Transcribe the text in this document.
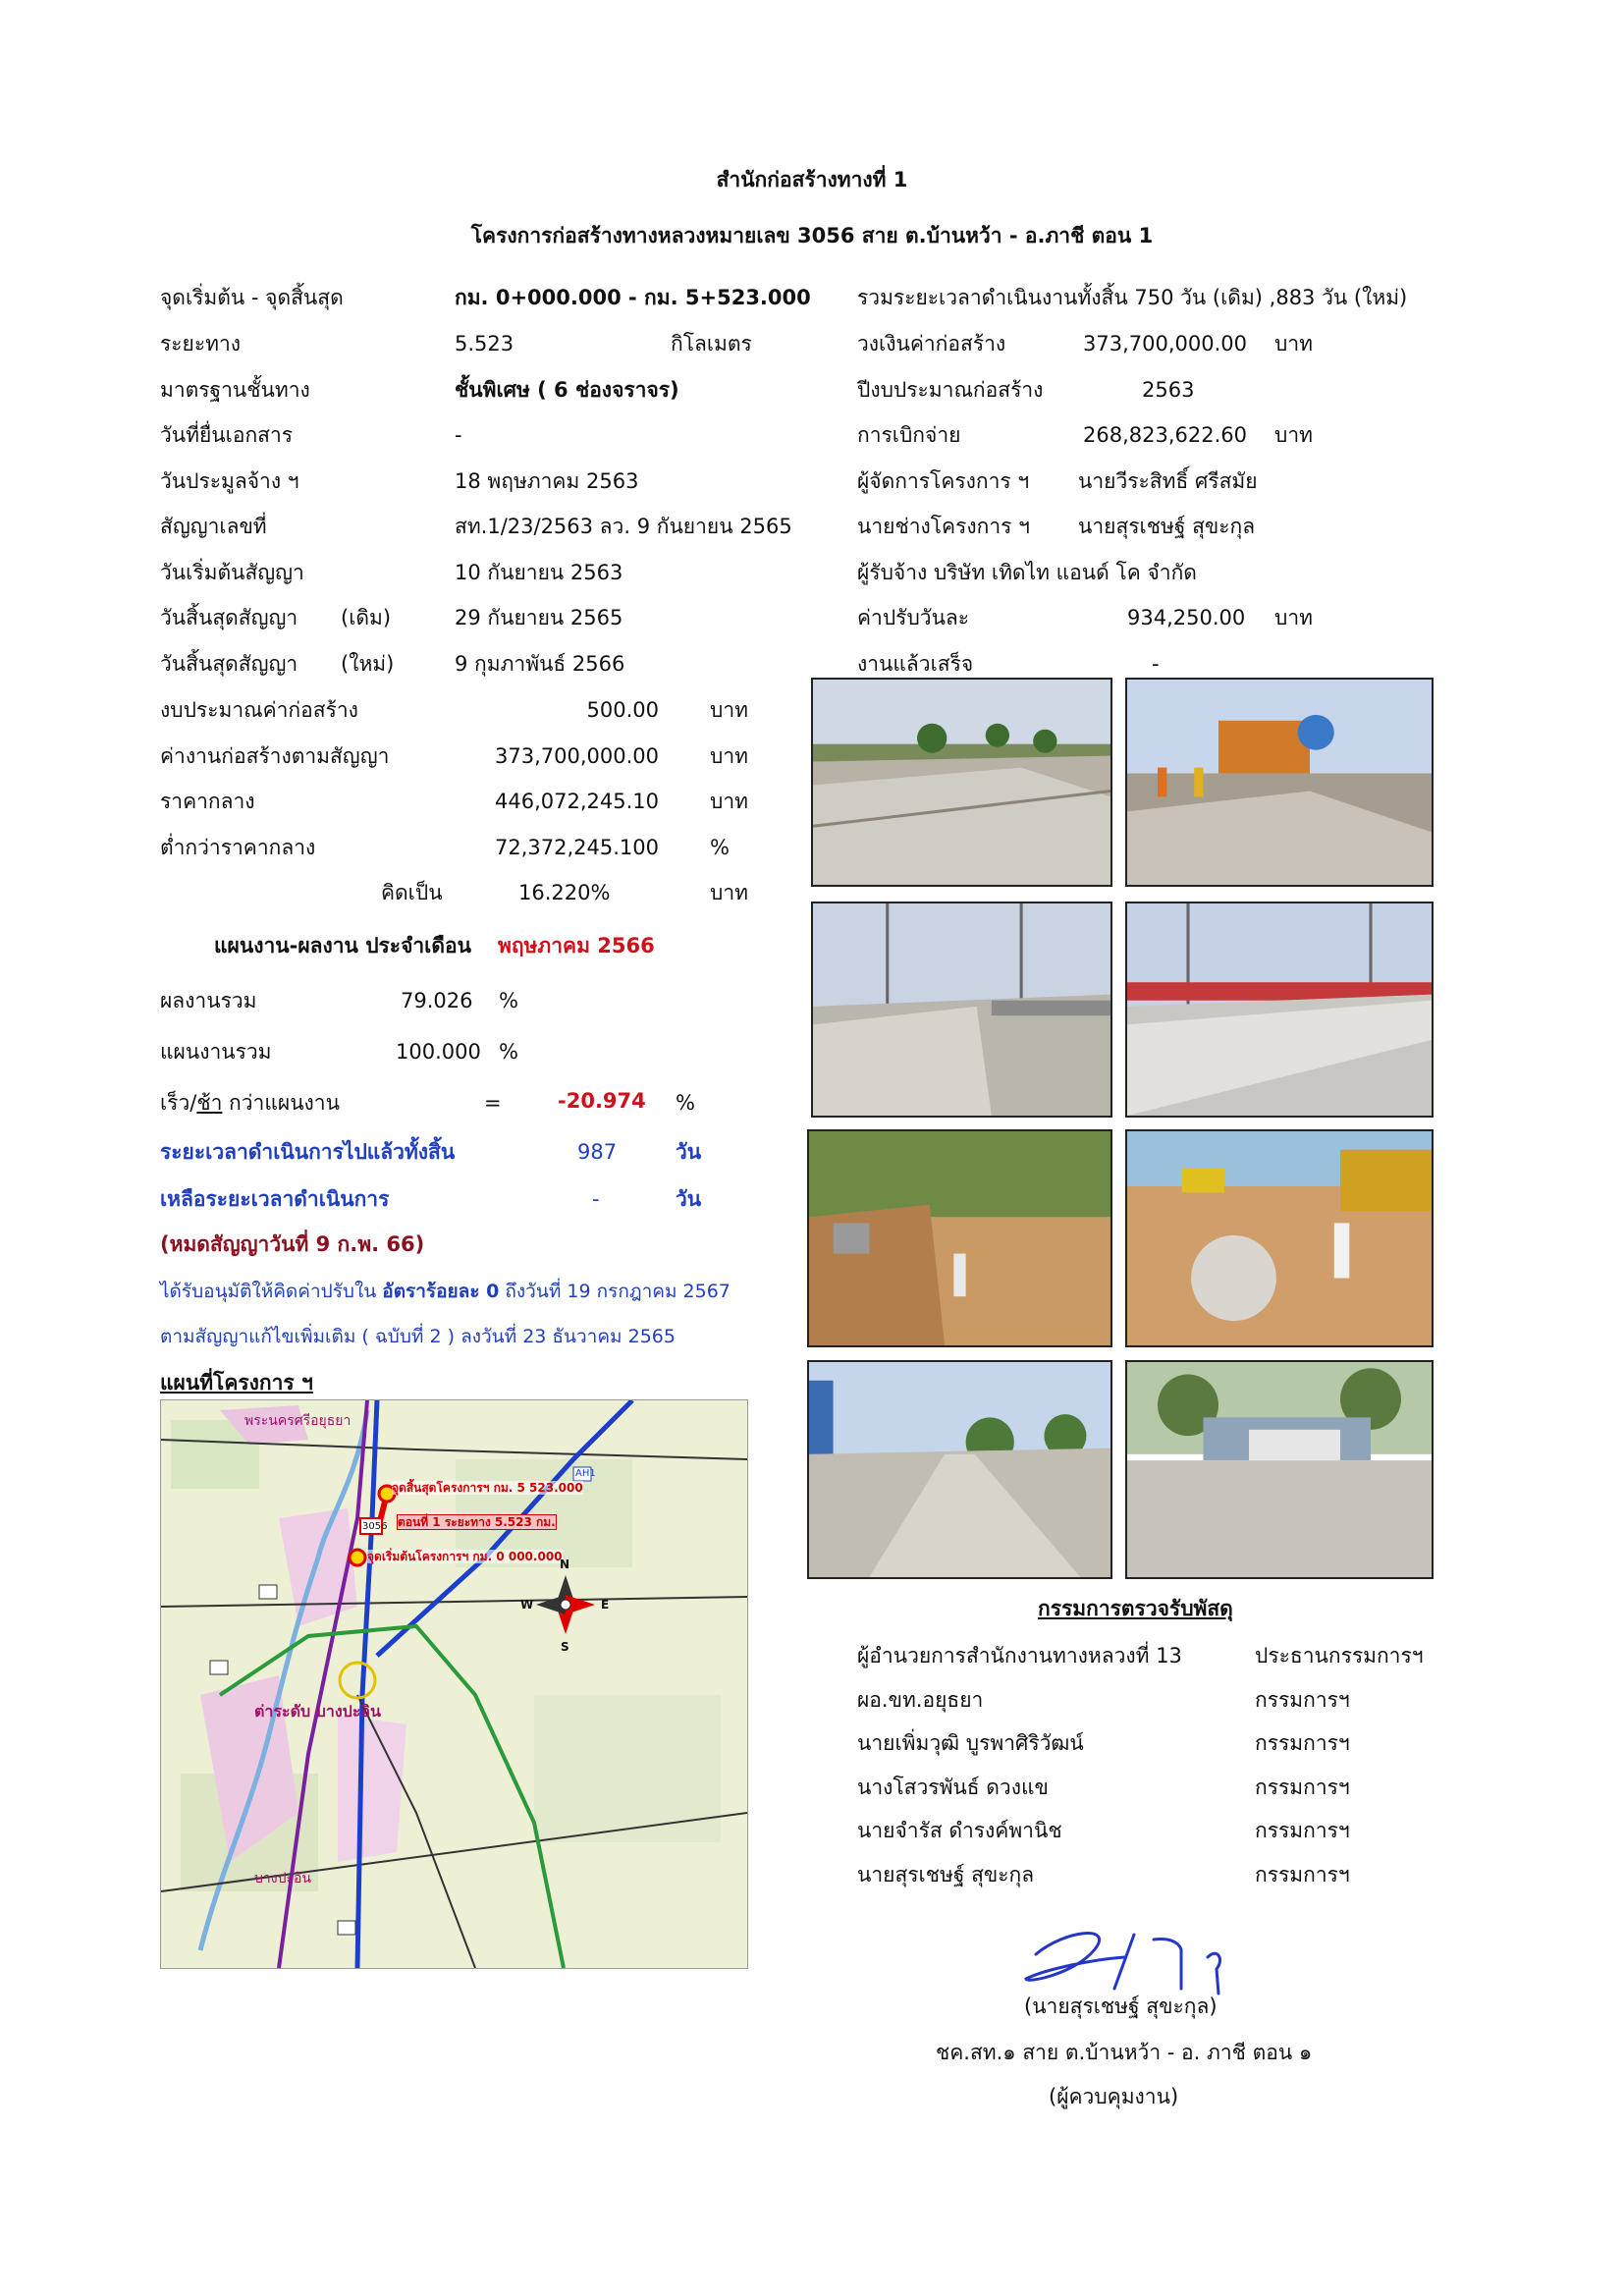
สำนักก่อสร้างทางที่ 1
โครงการก่อสร้างทางหลวงหมายเลข 3056 สาย ต.บ้านหว้า - อ.ภาชี ตอน 1
จุดเริ่มต้น - จุดสิ้นสุด	กม. 0+000.000 - กม. 5+523.000
ระยะทาง	5.523	กิโลเมตร
มาตรฐานชั้นทาง	ชั้นพิเศษ ( 6 ช่องจราจร)
วันที่ยื่นเอกสาร	-
วันประมูลจ้าง ฯ	18 พฤษภาคม 2563
สัญญาเลขที่	สท.1/23/2563 ลว. 9 กันยายน 2565
วันเริ่มต้นสัญญา	10 กันยายน 2563
วันสิ้นสุดสัญญา (เดิม)	29 กันยายน 2565
วันสิ้นสุดสัญญา (ใหม่)	9 กุมภาพันธ์ 2566
รวมระยะเวลาดำเนินงานทั้งสิ้น 750 วัน (เดิม) ,883 วัน (ใหม่)
วงเงินค่าก่อสร้าง	373,700,000.00 บาท
ปีงบประมาณก่อสร้าง	2563
การเบิกจ่าย	268,823,622.60 บาท
ผู้จัดการโครงการ ฯ นายวีระสิทธิ์ ศรีสมัย
นายช่างโครงการ ฯ นายสุรเชษฐ์ สุขะกุล
ผู้รับจ้าง บริษัท เทิดไท แอนด์ โค จำกัด
ค่าปรับวันละ	934,250.00 บาท
งานแล้วเสร็จ	-
งบประมาณค่าก่อสร้าง	500.00 บาท
ค่างานก่อสร้างตามสัญญา	373,700,000.00 บาท
ราคากลาง	446,072,245.10 บาท
ต่ำกว่าราคากลาง	72,372,245.100 %
คิดเป็น	16.220%	บาท
แผนงาน-ผลงาน ประจำเดือน พฤษภาคม 2566
ผลงานรวม	79.026 %
แผนงานรวม	100.000 %
เร็ว/ช้า กว่าแผนงาน	=	-20.974 %
ระยะเวลาดำเนินการไปแล้วทั้งสิ้น	987	วัน
เหลือระยะเวลาดำเนินการ	-	วัน
(หมดสัญญาวันที่ 9 ก.พ. 66)
ได้รับอนุมัติให้คิดค่าปรับใน อัตราร้อยละ 0 ถึงวันที่ 19 กรกฎาคม 2567
ตามสัญญาแก้ไขเพิ่มเติม ( ฉบับที่ 2 ) ลงวันที่ 23 ธันวาคม 2565
แผนที่โครงการ ฯ
จุดสิ้นสุดโครงการฯ กม. 5 523.000
ตอนที่ 1 ระยะทาง 5.523 กม.
จุดเริ่มต้นโครงการฯ กม. 0 000.000
3056
ต่าระดับ บางปะอิน
บางปะอิน
พระนครศรีอยุธยา
AH1
N
S
E
W	กรรมการตรวจรับพัสดุ
ผู้อำนวยการสำนักงานทางหลวงที่ 13	ประธานกรรมการฯ
ผอ.ขท.อยุธยา	กรรมการฯ
นายเพิ่มวุฒิ บูรพาศิริวัฒน์	กรรมการฯ
นางโสวรพันธ์ ดวงแข	กรรมการฯ
นายจำรัส ดำรงค์พานิช	กรรมการฯ
นายสุรเชษฐ์ สุขะกุล	กรรมการฯ
(นายสุรเชษฐ์ สุขะกุล)
ชค.สท.๑ สาย ต.บ้านหว้า - อ. ภาชี ตอน ๑
(ผู้ควบคุมงาน)
